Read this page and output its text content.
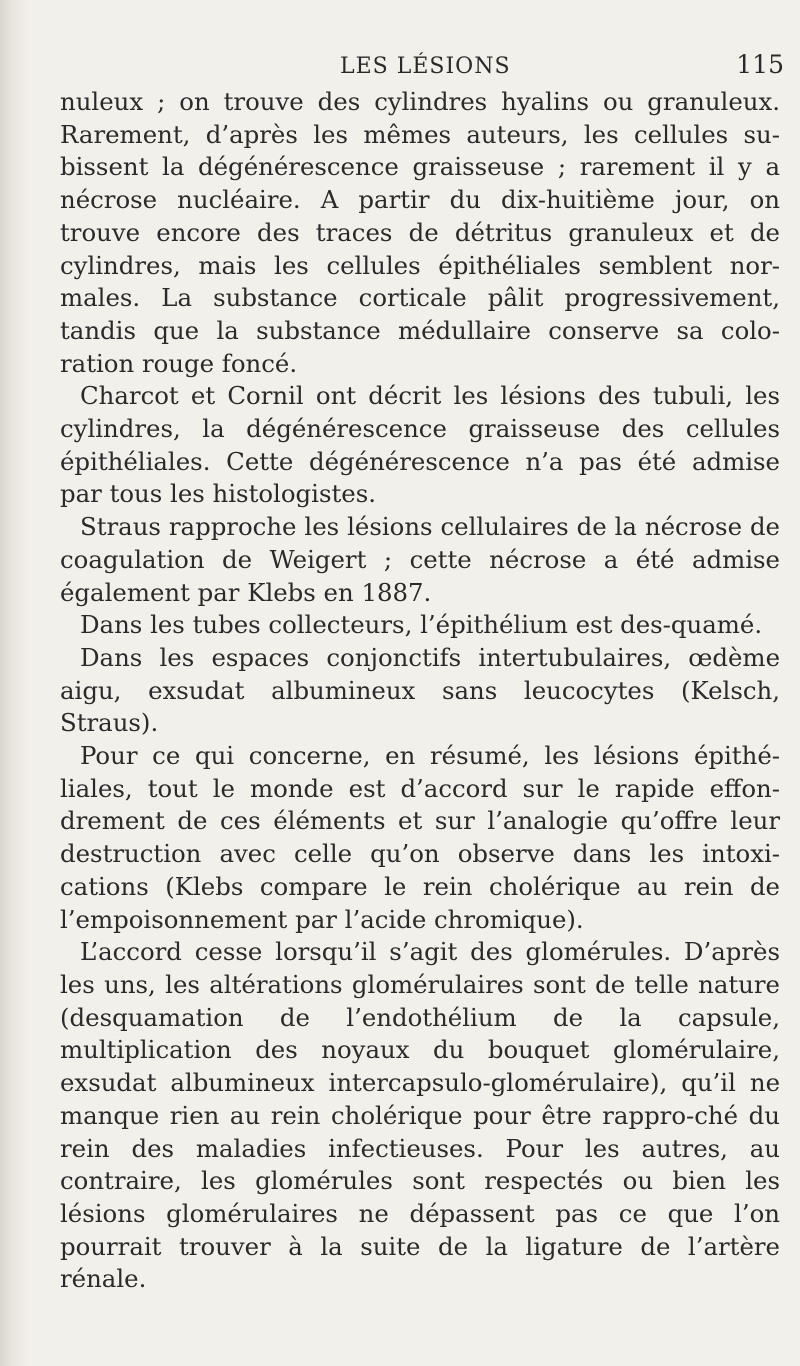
LES LÉSIONS	115

nuleux ; on trouve des cylindres hyalins ou granuleux. Rarement, d’après les mêmes auteurs, les cellules su-bissent la dégénérescence graisseuse ; rarement il y a nécrose nucléaire. A partir du dix-huitième jour, on trouve encore des traces de détritus granuleux et de cylindres, mais les cellules épithéliales semblent nor-males. La substance corticale pâlit progressivement, tandis que la substance médullaire conserve sa colo-ration rouge foncé.

Charcot et Cornil ont décrit les lésions des tubuli, les cylindres, la dégénérescence graisseuse des cellules épithéliales. Cette dégénérescence n’a pas été admise par tous les histologistes.

Straus rapproche les lésions cellulaires de la nécrose de coagulation de Weigert ; cette nécrose a été admise également par Klebs en 1887.

Dans les tubes collecteurs, l’épithélium est des-quamé.

Dans les espaces conjonctifs intertubulaires, œdème aigu, exsudat albumineux sans leucocytes (Kelsch, Straus).

Pour ce qui concerne, en résumé, les lésions épithé-liales, tout le monde est d’accord sur le rapide effon-drement de ces éléments et sur l’analogie qu’offre leur destruction avec celle qu’on observe dans les intoxi-cations (Klebs compare le rein cholérique au rein de l’empoisonnement par l’acide chromique).

L’accord cesse lorsqu’il s’agit des glomérules. D’après les uns, les altérations glomérulaires sont de telle nature (desquamation de l’endothélium de la capsule, multiplication des noyaux du bouquet glomérulaire, exsudat albumineux intercapsulo-glomérulaire), qu’il ne manque rien au rein cholérique pour être rappro-ché du rein des maladies infectieuses. Pour les autres, au contraire, les glomérules sont respectés ou bien les lésions glomérulaires ne dépassent pas ce que l’on pourrait trouver à la suite de la ligature de l’artère rénale.
